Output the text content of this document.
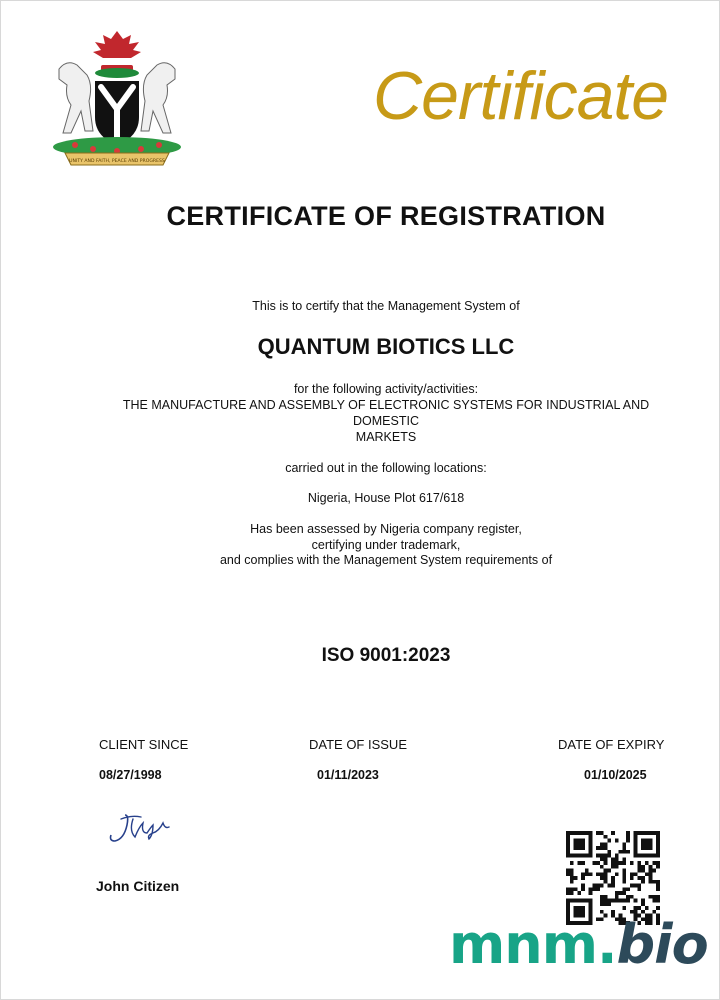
UNITY AND FAITH, PEACE AND PROGRESS
Certificate
CERTIFICATE OF REGISTRATION
This is to certify that the Management System of
QUANTUM BIOTICS LLC
for the following activity/activities:
THE MANUFACTURE AND ASSEMBLY OF ELECTRONIC SYSTEMS FOR INDUSTRIAL AND
DOMESTIC
MARKETS
carried out in the following locations:
Nigeria, House Plot 617/618
Has been assessed by Nigeria company register,
certifying under trademark,
and complies with the Management System requirements of
ISO 9001:2023
CLIENT SINCE	DATE OF ISSUE	DATE OF EXPIRY
08/27/1998	01/11/2023	01/10/2025
John Citizen
mnm.bio
